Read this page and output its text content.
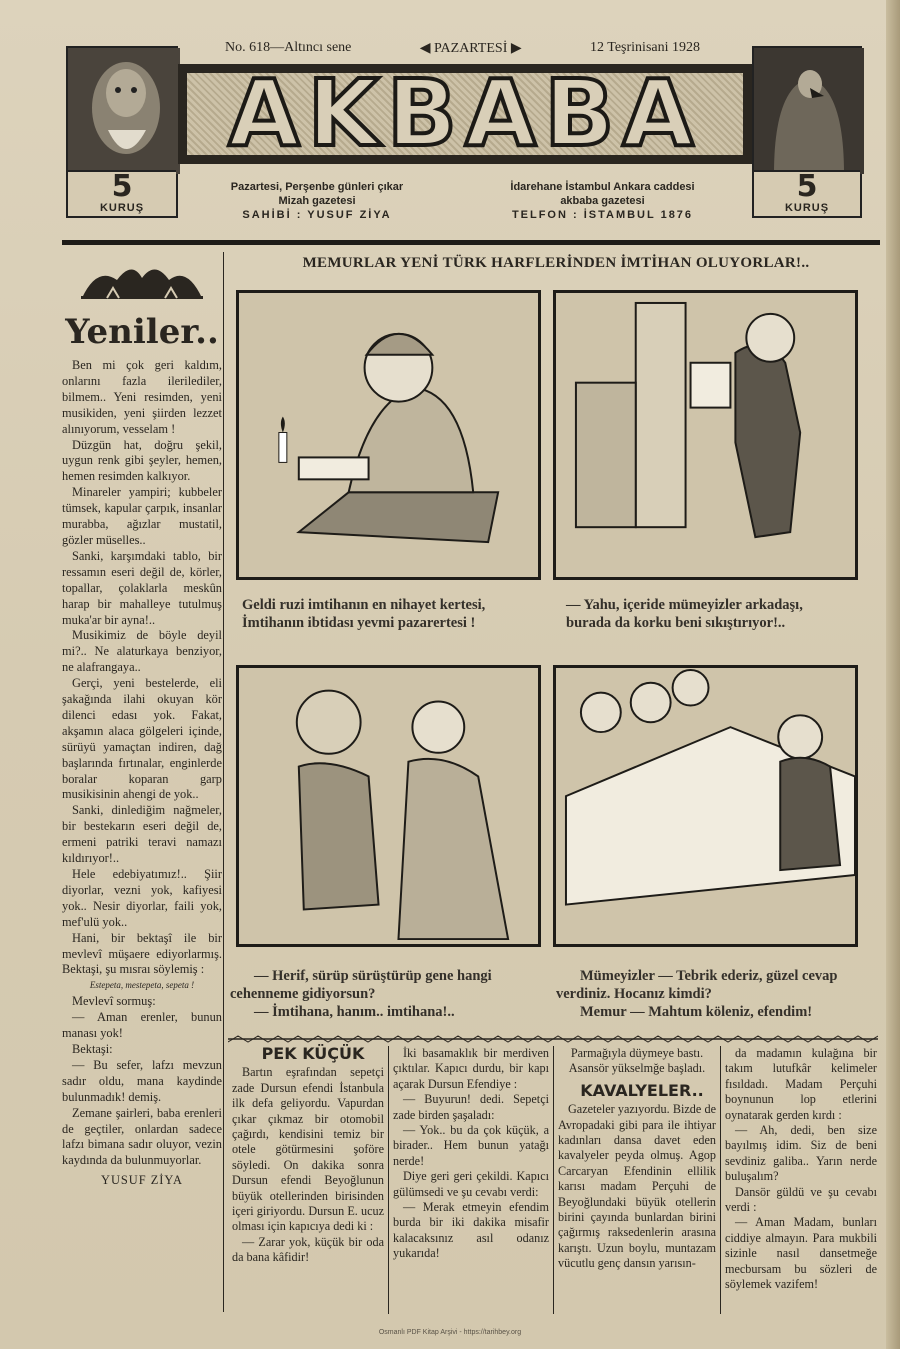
No. 618—Altıncı sene	◀ PAZARTESİ ▶	12 Teşrinisani 1928
5
KURUŞ
AKBABA
5
KURUŞ
Pazartesi, Perşenbe günleri çıkar
Mizah gazetesi
SAHİBİ : YUSUF ZİYA
İdarehane İstambul Ankara caddesi
akbaba gazetesi
TELFON : İSTAMBUL 1876
Yeniler..

Ben mi çok geri kaldım, onlarını fazla ilerilediler, bilmem.. Yeni resimden, yeni musikiden, yeni şiirden lezzet alınıyorum, vesselam !

Düzgün hat, doğru şekil, uygun renk gibi şeyler, hemen, hemen resimden kalkıyor.

Minareler yampiri; kubbeler tümsek, kapular çarpık, insanlar murabba, ağızlar mustatil, gözler müselles..

Sanki, karşımdaki tablo, bir ressamın eseri değil de, körler, topallar, çolaklarla meskûn harap bir mahalleye tutulmuş muka'ar bir ayna!..

Musikimiz de böyle deyil mi?.. Ne alaturkaya benziyor, ne alafrangaya..

Gerçi, yeni bestelerde, eli şakağında ilahi okuyan kör dilenci edası yok. Fakat, akşamın alaca gölgeleri içinde, sürüyü yamaçtan indiren, dağ başlarında fırtınalar, enginlerde boralar koparan garp musikisinin ahengi de yok..

Sanki, dinlediğim nağmeler, bir bestekarın eseri değil de, ermeni patriki teravi namazı kıldırıyor!..

Hele edebiyatımız!.. Şiir diyorlar, vezni yok, kafiyesi yok.. Nesir diyorlar, faili yok, mef'ulü yok..

Hani, bir bektaşî ile bir mevlevî müşaere ediyorlarmış. Bektaşi, şu mısraı söylemiş :

Estepeta, mestepeta, sepeta !

Mevlevî sormuş:

— Aman erenler, bunun manası yok!

Bektaşi:

— Bu sefer, lafzı mevzun sadır oldu, mana kaydinde bulunmadık! demiş.

Zemane şairleri, baba erenleri de geçtiler, onlardan sadece lafzı bimana sadır oluyor, vezin kaydında da bulunmuyorlar.

YUSUF ZİYA
MEMURLAR YENİ TÜRK HARFLERİNDEN İMTİHAN OLUYORLAR!..
Geldi ruzi imtihanın en nihayet kertesi,
İmtihanın ibtidası yevmi pazarertesi !
— Yahu, içeride mümeyizler arkadaşı,
burada da korku beni sıkıştırıyor!..
— Herif, sürüp sürüştürüp gene hangi
cehenneme gidiyorsun?
— İmtihana, hanım.. imtihana!..
Mümeyizler — Tebrik ederiz, güzel cevap
verdiniz. Hocanız kimdi?
Memur — Mahtum köleniz, efendim!

PEK KÜÇÜK

Bartın eşrafından sepetçi zade Dursun efendi İstanbula ilk defa geliyordu. Vapurdan çıkar çıkmaz bir otomobil çağırdı, kendisini temiz bir otele götürmesini şoföre söyledi. On dakika sonra Dursun efendi Beyoğlunun büyük otellerinden birisinden içeri giriyordu. Dursun E. ucuz olması için kapıcıya dedi ki :

— Zarar yok, küçük bir oda da bana kâfidir!

İki basamaklık bir merdiven çıktılar. Kapıcı durdu, bir kapı açarak Dursun Efendiye :

— Buyurun! dedi. Sepetçi zade birden şaşaladı:

— Yok.. bu da çok küçük, a birader.. Hem bunun yatağı nerde!

Diye geri geri çekildi. Kapıcı gülümsedi ve şu cevabı verdi:

— Merak etmeyin efendim burda bir iki dakika misafir kalacaksınız asıl odanız yukarıda!

Parmağıyla düymeye bastı. Asansör yükselmğe başladı.

KAVALYELER..

Gazeteler yazıyordu. Bizde de Avropadaki gibi para ile ihtiyar kadınları dansa davet eden kavalyeler peyda olmuş. Agop Carcaryan Efendinin ellilik karısı madam Perçuhi de Beyoğlundaki büyük otellerin birini çayında bunlardan birini çağırmış raksedenlerin arasına karıştı. Uzun boylu, muntazam vücutlu genç dansın yarısın-

da madamın kulağına bir takım lutufkâr kelimeler fısıldadı. Madam Perçuhi boynunun lop etlerini oynatarak gerden kırdı :

— Ah, dedi, ben size bayılmış idim. Siz de beni sevdiniz galiba.. Yarın nerde buluşalım?

Dansör güldü ve şu cevabı verdi :

— Aman Madam, bunları ciddiye almayın. Para mukbili sizinle nasıl dansetmeğe mecbursam bu sözleri de söylemek vazifem!

Osmanlı PDF Kitap Arşivi - https://tarihbey.org
